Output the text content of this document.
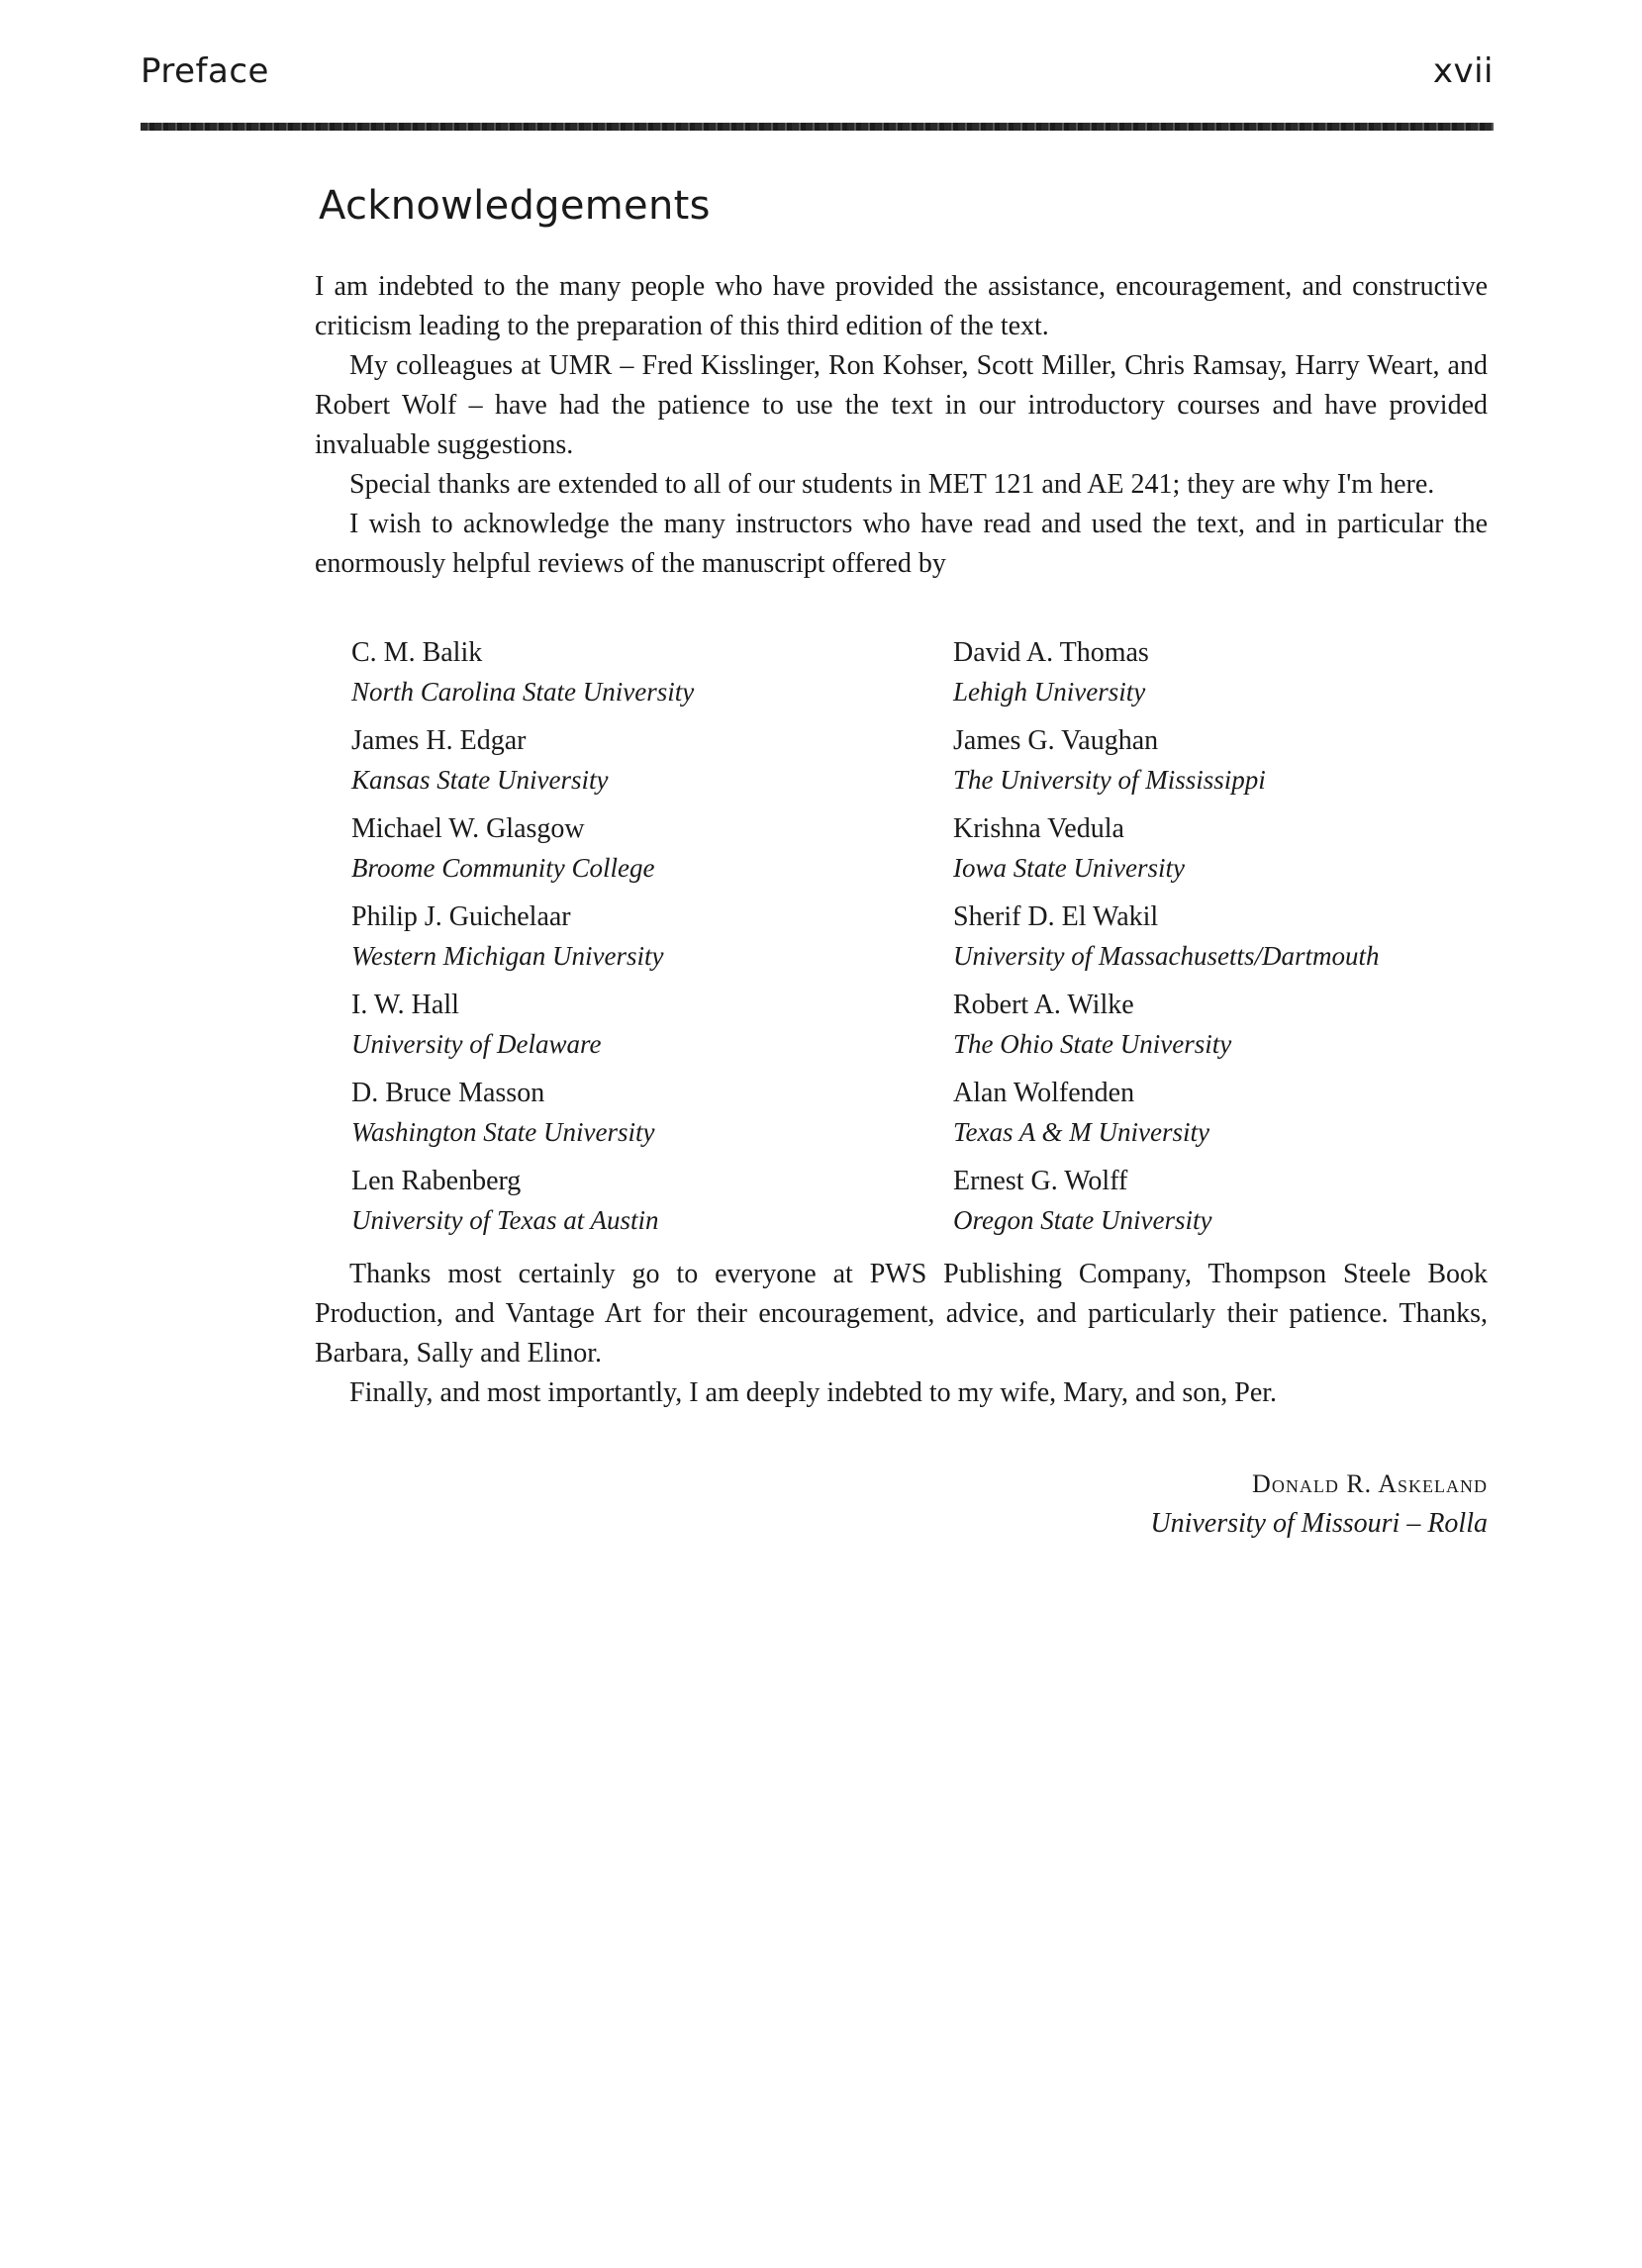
Preface	xvii
Acknowledgements

I am indebted to the many people who have provided the assistance, encouragement, and constructive criticism leading to the preparation of this third edition of the text.

My colleagues at UMR – Fred Kisslinger, Ron Kohser, Scott Miller, Chris Ramsay, Harry Weart, and Robert Wolf – have had the patience to use the text in our introductory courses and have provided invaluable suggestions.

Special thanks are extended to all of our students in MET 121 and AE 241; they are why I'm here.

I wish to acknowledge the many instructors who have read and used the text, and in particular the enormously helpful reviews of the manuscript offered by

C. M. Balik
North Carolina State University
James H. Edgar
Kansas State University
Michael W. Glasgow
Broome Community College
Philip J. Guichelaar
Western Michigan University
I. W. Hall
University of Delaware
D. Bruce Masson
Washington State University
Len Rabenberg
University of Texas at Austin
David A. Thomas
Lehigh University
James G. Vaughan
The University of Mississippi
Krishna Vedula
Iowa State University
Sherif D. El Wakil
University of Massachusetts/Dartmouth
Robert A. Wilke
The Ohio State University
Alan Wolfenden
Texas A & M University
Ernest G. Wolff
Oregon State University

Thanks most certainly go to everyone at PWS Publishing Company, Thompson Steele Book Production, and Vantage Art for their encouragement, advice, and particularly their patience. Thanks, Barbara, Sally and Elinor.

Finally, and most importantly, I am deeply indebted to my wife, Mary, and son, Per.

Donald R. Askeland
University of Missouri – Rolla
